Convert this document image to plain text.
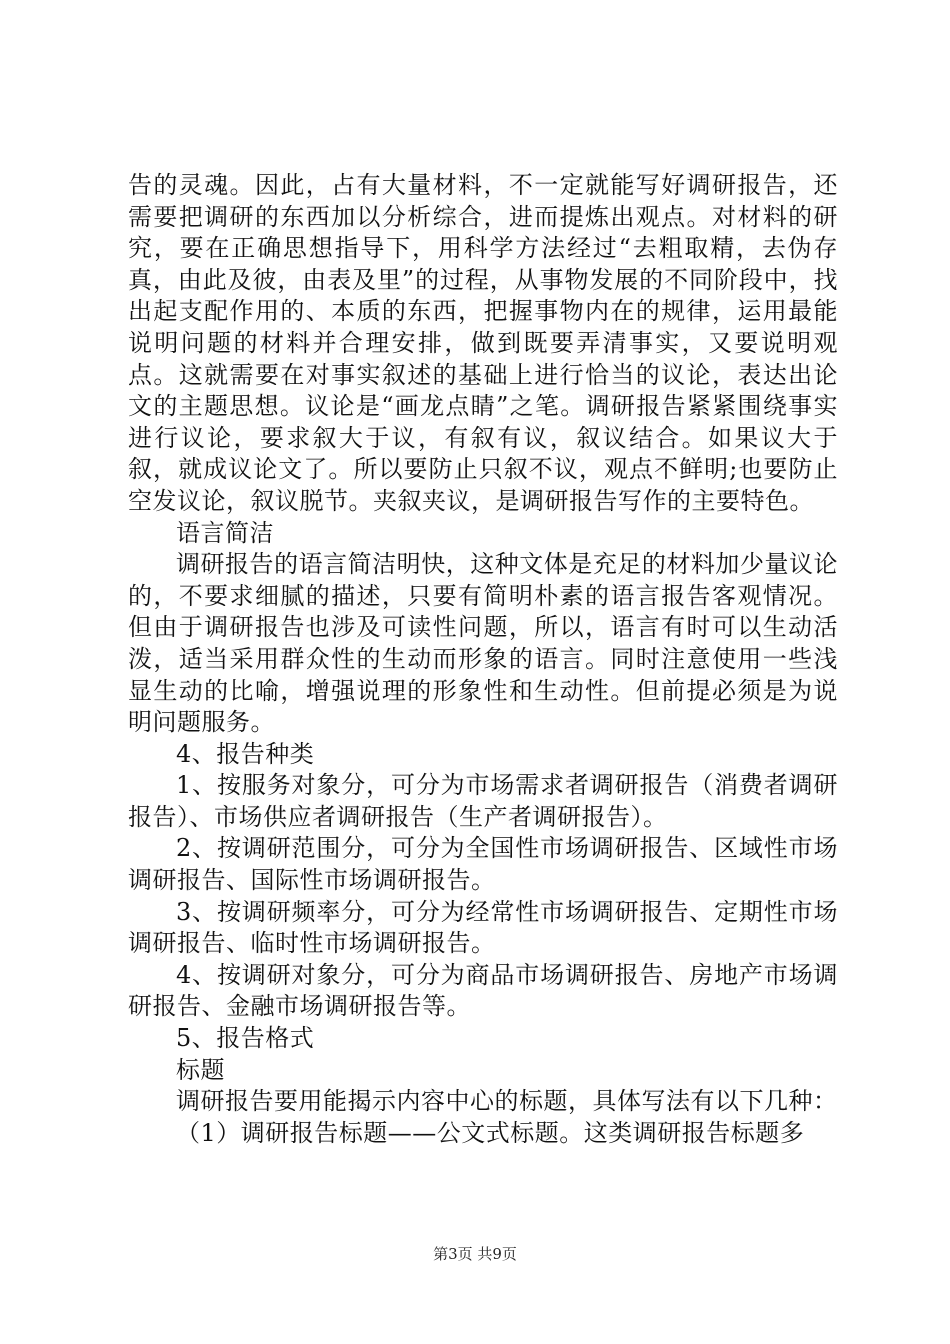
告的灵魂。因此，占有大量材料，不一定就能写好调研报告，还需要把调研的东西加以分析综合，进而提炼出观点。对材料的研究，要在正确思想指导下，用科学方法经过“去粗取精，去伪存真，由此及彼，由表及里”的过程，从事物发展的不同阶段中，找出起支配作用的、本质的东西，把握事物内在的规律，运用最能说明问题的材料并合理安排，做到既要弄清事实，又要说明观点。这就需要在对事实叙述的基础上进行恰当的议论，表达出论文的主题思想。议论是“画龙点睛”之笔。调研报告紧紧围绕事实进行议论，要求叙大于议，有叙有议，叙议结合。如果议大于叙，就成议论文了。所以要防止只叙不议，观点不鲜明;也要防止空发议论，叙议脱节。夹叙夹议，是调研报告写作的主要特色。

语言简洁

调研报告的语言简洁明快，这种文体是充足的材料加少量议论的，不要求细腻的描述，只要有简明朴素的语言报告客观情况。但由于调研报告也涉及可读性问题，所以，语言有时可以生动活泼，适当采用群众性的生动而形象的语言。同时注意使用一些浅显生动的比喻，增强说理的形象性和生动性。但前提必须是为说明问题服务。

4、报告种类

1、按服务对象分，可分为市场需求者调研报告（消费者调研报告）、市场供应者调研报告（生产者调研报告）。

2、按调研范围分，可分为全国性市场调研报告、区域性市场调研报告、国际性市场调研报告。

3、按调研频率分，可分为经常性市场调研报告、定期性市场调研报告、临时性市场调研报告。

4、按调研对象分，可分为商品市场调研报告、房地产市场调研报告、金融市场调研报告等。

5、报告格式

标题

调研报告要用能揭示内容中心的标题，具体写法有以下几种：

（1）调研报告标题——公文式标题。这类调研报告标题多

第3页 共9页
